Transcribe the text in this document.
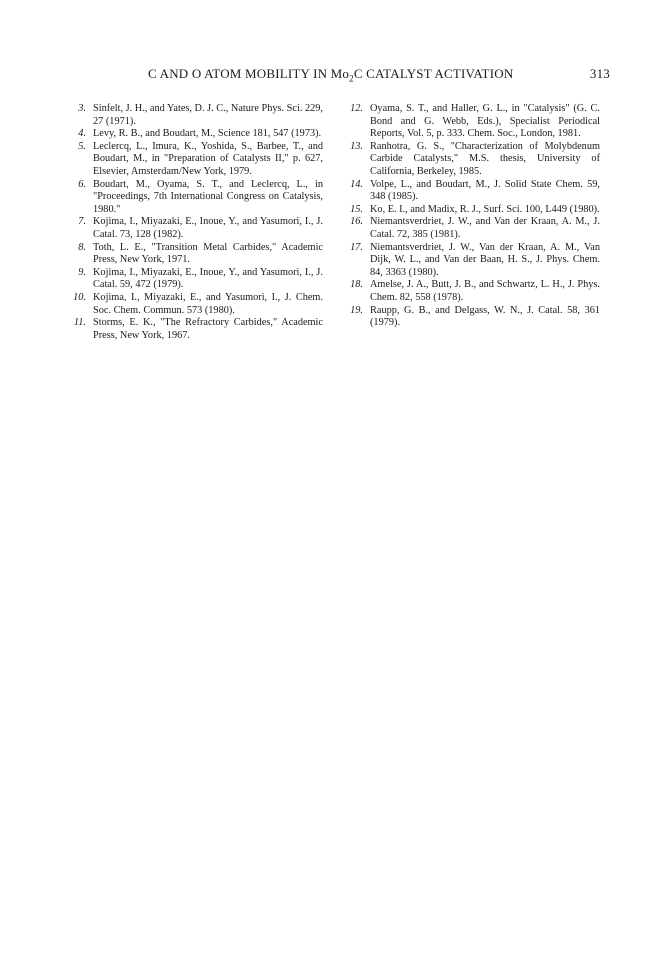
C AND O ATOM MOBILITY IN $Mo_2C$ CATALYST ACTIVATION	313
3. Sinfelt, J. H., and Yates, D. J. C., Nature Phys. Sci. 229, 27 (1971).
4. Levy, R. B., and Boudart, M., Science 181, 547 (1973).
5. Leclercq, L., Imura, K., Yoshida, S., Barbee, T., and Boudart, M., in "Preparation of Catalysts II," p. 627, Elsevier, Amsterdam/New York, 1979.
6. Boudart, M., Oyama, S. T., and Leclercq, L., in "Proceedings, 7th International Congress on Catalysis, 1980."
7. Kojima, I., Miyazaki, E., Inoue, Y., and Yasumori, I., J. Catal. 73, 128 (1982).
8. Toth, L. E., "Transition Metal Carbides," Academic Press, New York, 1971.
9. Kojima, I., Miyazaki, E., Inoue, Y., and Yasumori, I., J. Catal. 59, 472 (1979).
10. Kojima, I., Miyazaki, E., and Yasumori, I., J. Chem. Soc. Chem. Commun. 573 (1980).
11. Storms, E. K., "The Refractory Carbides," Academic Press, New York, 1967.
12. Oyama, S. T., and Haller, G. L., in "Catalysis" (G. C. Bond and G. Webb, Eds.), Specialist Periodical Reports, Vol. 5, p. 333. Chem. Soc., London, 1981.
13. Ranhotra, G. S., "Characterization of Molybdenum Carbide Catalysts," M.S. thesis, University of California, Berkeley, 1985.
14. Volpe, L., and Boudart, M., J. Solid State Chem. 59, 348 (1985).
15. Ko, E. I., and Madix, R. J., Surf. Sci. 100, L449 (1980).
16. Niemantsverdriet, J. W., and Van der Kraan, A. M., J. Catal. 72, 385 (1981).
17. Niemantsverdriet, J. W., Van der Kraan, A. M., Van Dijk, W. L., and Van der Baan, H. S., J. Phys. Chem. 84, 3363 (1980).
18. Amelse, J. A., Butt, J. B., and Schwartz, L. H., J. Phys. Chem. 82, 558 (1978).
19. Raupp, G. B., and Delgass, W. N., J. Catal. 58, 361 (1979).
